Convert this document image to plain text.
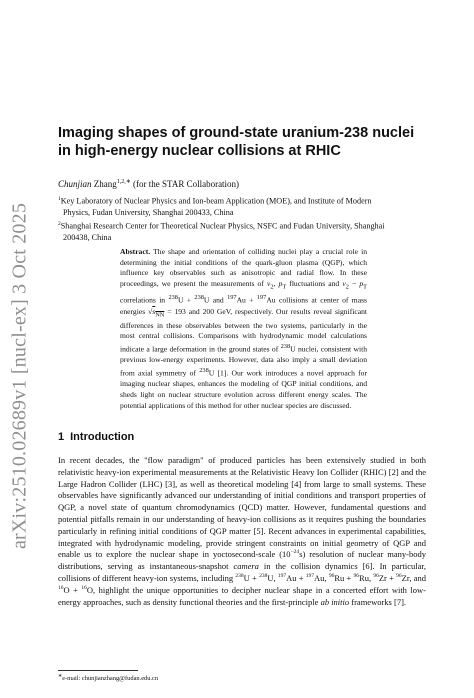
arXiv:2510.02689v1 [nucl-ex] 3 Oct 2025
Imaging shapes of ground-state uranium-238 nuclei in high-energy nuclear collisions at RHIC
Chunjian Zhang$^{1,2,∗}$ (for the STAR Collaboration)
$^1$Key Laboratory of Nuclear Physics and Ion-beam Application (MOE), and Institute of Modern
Physics, Fudan University, Shanghai 200433, China
$^2$Shanghai Research Center for Theoretical Nuclear Physics, NSFC and Fudan University, Shanghai
200438, China
Abstract. The shape and orientation of colliding nuclei play a crucial role in determining the initial conditions of the quark-gluon plasma (QGP), which influence key observables such as anisotropic and radial flow. In these proceedings, we present the measurements of $v_2$, $p_T$ fluctuations and $v_2 - p_T$ correlations in $^{238}$U + $^{238}$U and $^{197}$Au + $^{197}$Au collisions at center of mass energies $√s_{NN} = 193$ and 200 GeV, respectively. Our results reveal significant differences in these observables between the two systems, particularly in the most central collisions. Comparisons with hydrodynamic model calculations indicate a large deformation in the ground states of $^{238}$U nuclei, consistent with previous low-energy experiments. However, data also imply a small deviation from axial symmetry of $^{238}$U [1]. Our work introduces a novel approach for imaging nuclear shapes, enhances the modeling of QGP initial conditions, and sheds light on nuclear structure evolution across different energy scales. The potential applications of this method for other nuclear species are discussed.
1 Introduction
In recent decades, the "flow paradigm" of produced particles has been extensively studied in both relativistic heavy-ion experimental measurements at the Relativistic Heavy Ion Collider (RHIC) [2] and the Large Hadron Collider (LHC) [3], as well as theoretical modeling [4] from large to small systems. These observables have significantly advanced our understanding of initial conditions and transport properties of QGP, a novel state of quantum chromodynamics (QCD) matter. However, fundamental questions and potential pitfalls remain in our understanding of heavy-ion collisions as it requires pushing the boundaries particularly in refining initial conditions of QGP matter [5]. Recent advances in experimental capabilities, integrated with hydrodynamic modeling, provide stringent constraints on initial geometry of QGP and enable us to explore the nuclear shape in yoctosecond-scale $(10^{-24}s)$ resolution of nuclear many-body distributions, serving as instantaneous-snapshot camera in the collision dynamics [6]. In particular, collisions of different heavy-ion systems, including $^{238}$U + $^{238}$U, $^{197}$Au + $^{197}$Au, $^{96}$Ru + $^{96}$Ru, $^{96}$Zr + $^{96}$Zr, and $^{16}$O + $^{16}$O, highlight the unique opportunities to decipher nuclear shape in a concerted effort with low-energy approaches, such as density functional theories and the first-principle ab initio frameworks [7].
∗e-mail: chunjianzhang@fudan.edu.cn
